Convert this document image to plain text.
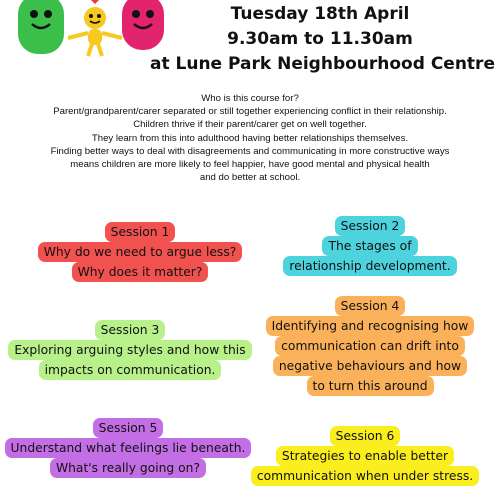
Tuesday 18th April
9.30am to 11.30am
at Lune Park Neighbourhood Centre
Who is this course for?
Parent/grandparent/carer separated or still together experiencing conflict in their relationship.
Children thrive if their parent/carer get on well together.
They learn from this into adulthood having better relationships themselves.
Finding better ways to deal with disagreements and communicating in more constructive ways
means children are more likely to feel happier, have good mental and physical health
and do better at school.
Session 1
Why do we need to argue less?
Why does it matter?
Session 2
The stages of
relationship development.
Session 3
Exploring arguing styles and how this
impacts on communication.
Session 4
Identifying and recognising how
communication can drift into
negative behaviours and how
to turn this around
Session 5
Understand what feelings lie beneath.
What's really going on?
Session 6
Strategies to enable better
communication when under stress.
